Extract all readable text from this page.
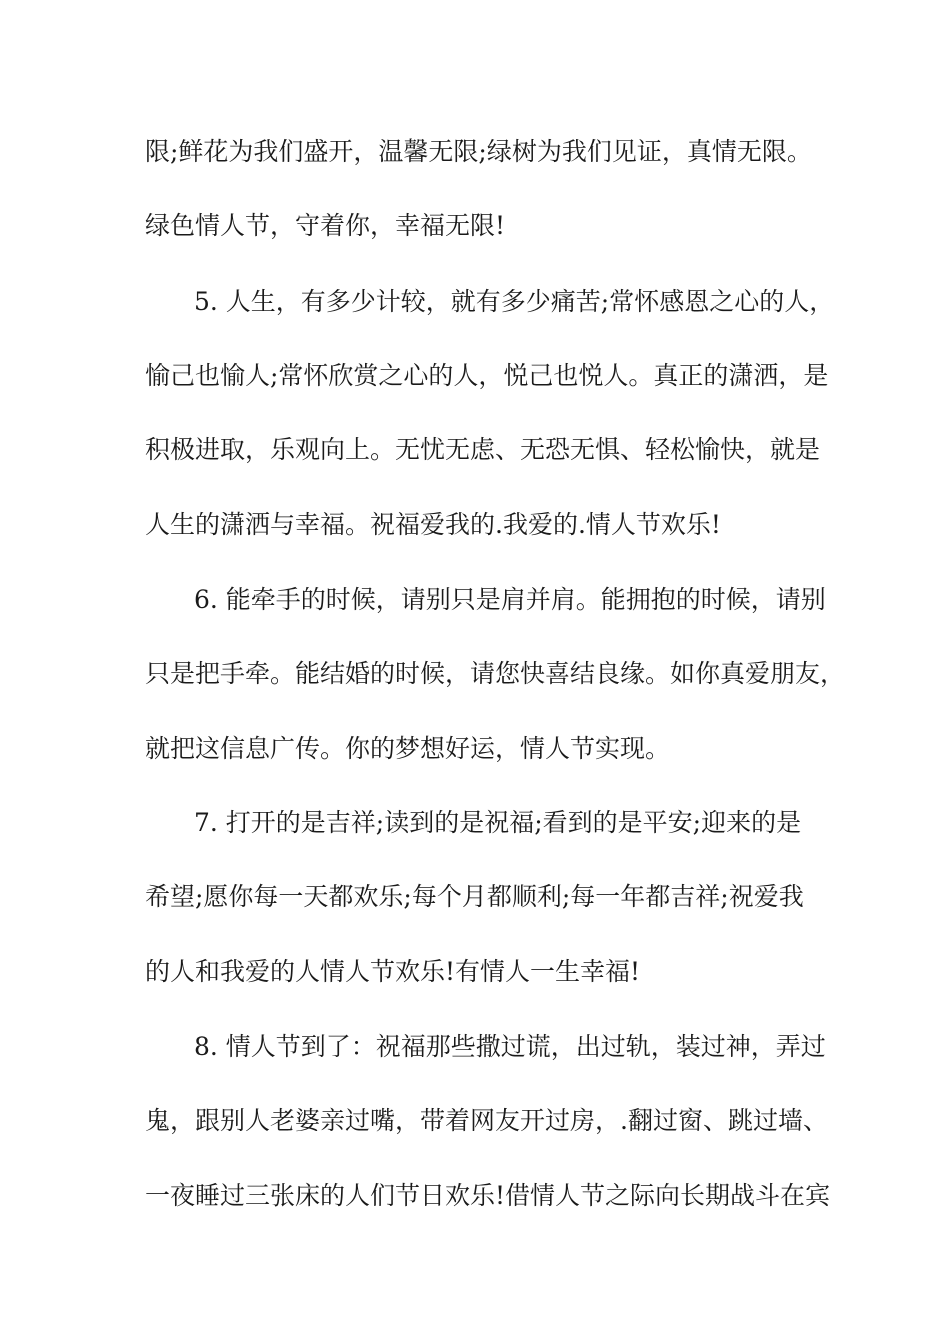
限;鲜花为我们盛开，温馨无限;绿树为我们见证，真情无限。
绿色情人节，守着你，幸福无限!
5. 人生，有多少计较，就有多少痛苦;常怀感恩之心的人，
愉己也愉人;常怀欣赏之心的人，悦己也悦人。真正的潇洒，是
积极进取，乐观向上。无忧无虑、无恐无惧、轻松愉快，就是
人生的潇洒与幸福。祝福爱我的.我爱的.情人节欢乐!
6. 能牵手的时候，请别只是肩并肩。能拥抱的时候，请别
只是把手牵。能结婚的时候，请您快喜结良缘。如你真爱朋友，
就把这信息广传。你的梦想好运，情人节实现。
7. 打开的是吉祥;读到的是祝福;看到的是平安;迎来的是
希望;愿你每一天都欢乐;每个月都顺利;每一年都吉祥;祝爱我
的人和我爱的人情人节欢乐!有情人一生幸福!
8. 情人节到了：祝福那些撒过谎，出过轨，装过神，弄过
鬼，跟别人老婆亲过嘴，带着网友开过房，.翻过窗、跳过墙、
一夜睡过三张床的人们节日欢乐!借情人节之际向长期战斗在宾
